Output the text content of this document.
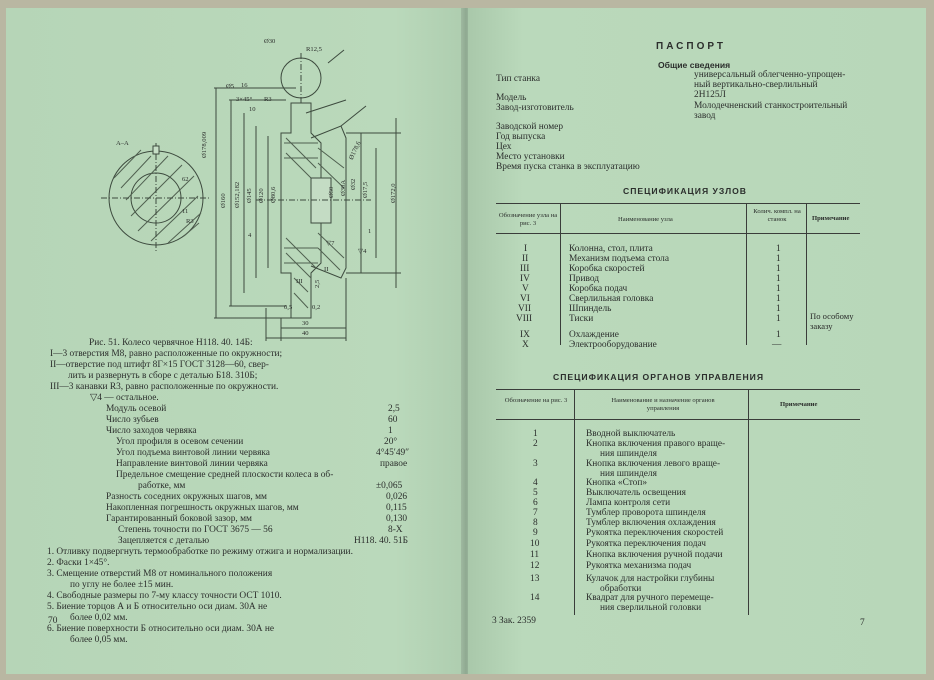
А–А
Ø30
R12,5
Ø5 16
3×45° R3
10
Ø178,009
Ø160 Ø152,182 Ø145 Ø120 Ø80,6	Ø50 Ø30A Ø32 Ø17,5
Ø178,6
Ø172,0
62
11
R3
4
0,5	0,2
30
40
2,5
▽7
▽4
1
II
III
Рис. 51. Колесо червячное Н118. 40. 14Б:
I—3 отверстия М8, равно расположенные по окружности;
II—отверстие под штифт 8Г×15 ГОСТ 3128—60, свер-
лить и развернуть в сборе с деталью Б18. 310Б;
III—3 канавки R3, равно расположенные по окружности.
▽4 — остальное.
Модуль осевой	2,5
Число зубьев	60
Число заходов червяка	1
Угол профиля в осевом сечении	20°
Угол подъема винтовой линии червяка	4°45′49″
Направление винтовой линии червяка	правое
Предельное смещение средней плоскости колеса в об-
работке, мм	±0,065
Разность соседних окружных шагов, мм	0,026
Накопленная погрешность окружных шагов, мм	0,115
Гарантированный боковой зазор, мм	0,130
Степень точности по ГОСТ 3675 — 56	8-Х
Зацепляется с деталью	Н118. 40. 51Б
1. Отливку подвергнуть термообработке по режиму отжига и нормализации.
2. Фаски 1×45°.
3. Смещение отверстий М8 от номинального положения
по углу не более ±15 мин.
4. Свободные размеры по 7-му классу точности ОСТ 1010.
5. Биение торцов А и Б относительно оси диам. 30А не
более 0,02 мм.
6. Биение поверхности Б относительно оси диам. 30А не
более 0,05 мм.
70
ПАСПОРТ
Общие сведения
Тип станка	универсальный облегченно-упрощен-
ный вертикально-сверлильный
Модель	2Н125Л
Завод-изготовитель	Молодечненский станкостроительный
завод
Заводской номер
Год выпуска
Цех
Место установки
Время пуска станка в эксплуатацию
СПЕЦИФИКАЦИЯ УЗЛОВ
Обозначение узла на рис. 3
Наименование узла
Колич. компл. на станок	Примечание
I	Колонна, стол, плита	1
II	Механизм подъема стола	1
III	Коробка скоростей	1
IV	Привод	1
V	Коробка подач	1
VI	Сверлильная головка	1
VII	Шпиндель	1
VIII	Тиски	1	По особому заказу
IX	Охлаждение	1
X	Электрооборудование	—
СПЕЦИФИКАЦИЯ ОРГАНОВ УПРАВЛЕНИЯ
Обозначение на рис. 3	Наименование и назначение органов управления
Примечание
1	Вводной выключатель
2	Кнопка включения правого враще-
ния шпинделя
3	Кнопка включения левого враще-
ния шпинделя
4	Кнопка «Стоп»
5	Выключатель освещения
6	Лампа контроля сети
7	Тумблер проворота шпинделя
8	Тумблер включения охлаждения
9	Рукоятка переключения скоростей
10	Рукоятка переключения подач
11	Кнопка включения ручной подачи
12	Рукоятка механизма подач
13	Кулачок для настройки глубины
обработки
14	Квадрат для ручного перемеще-
ния сверлильной головки
3 Зак. 2359	7
